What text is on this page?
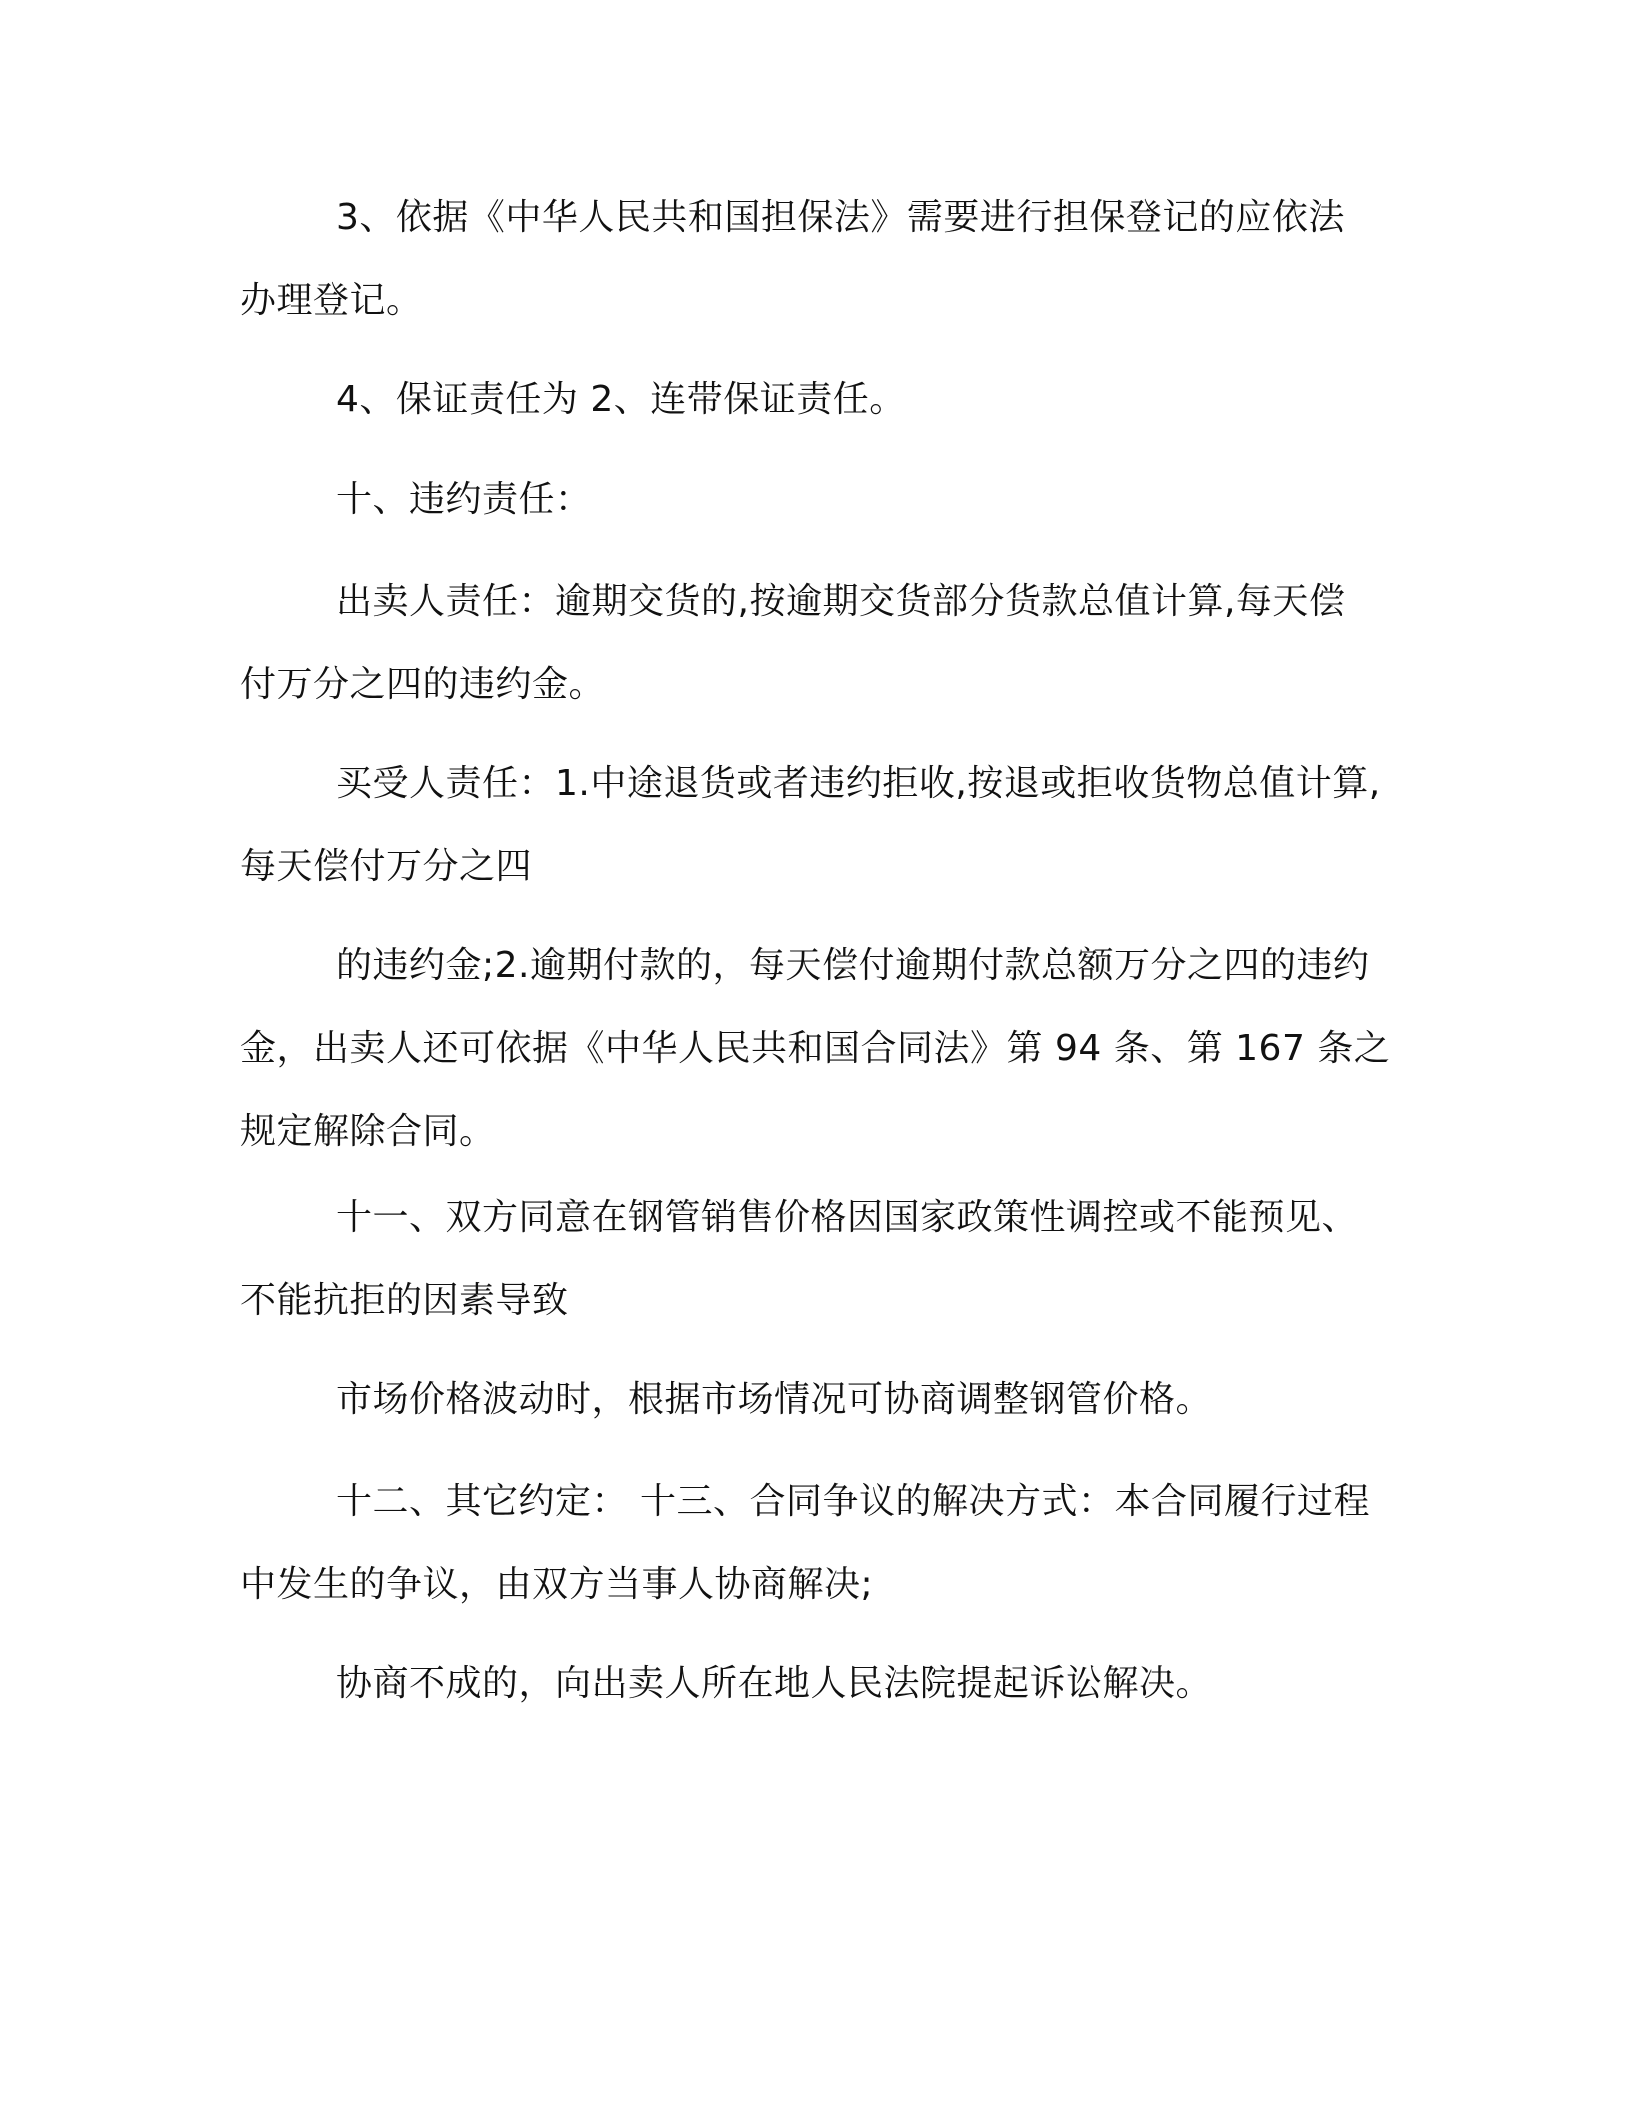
3、依据《中华人民共和国担保法》需要进行担保登记的应依法
办理登记。
4、保证责任为 2、连带保证责任。
十、违约责任：
出卖人责任：逾期交货的,按逾期交货部分货款总值计算,每天偿
付万分之四的违约金。
买受人责任：1.中途退货或者违约拒收,按退或拒收货物总值计算,
每天偿付万分之四
的违约金;2.逾期付款的，每天偿付逾期付款总额万分之四的违约
金，出卖人还可依据《中华人民共和国合同法》第 94 条、第 167 条之
规定解除合同。
十一、双方同意在钢管销售价格因国家政策性调控或不能预见、
不能抗拒的因素导致
市场价格波动时，根据市场情况可协商调整钢管价格。
十二、其它约定： 十三、合同争议的解决方式：本合同履行过程
中发生的争议，由双方当事人协商解决;
协商不成的，向出卖人所在地人民法院提起诉讼解决。
